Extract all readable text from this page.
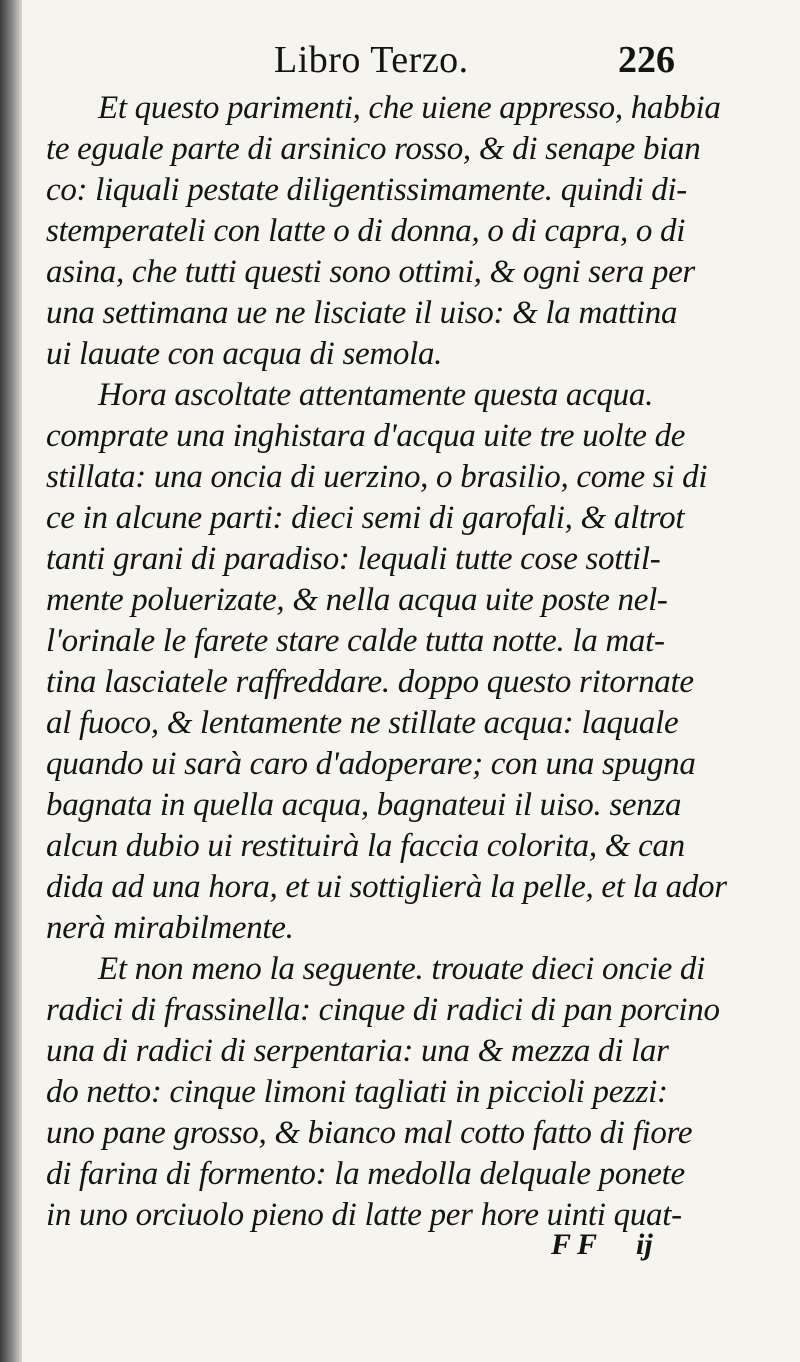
Libro Terzo.	226
Et questo parimenti, che uiene appresso, habbia
te eguale parte di arsinico rosso, & di senape bian
co: liquali pestate diligentissimamente. quindi di-
stemperateli con latte o di donna, o di capra, o di
asina, che tutti questi sono ottimi, & ogni sera per
una settimana ue ne lisciate il uiso: & la mattina
ui lauate con acqua di semola.
Hora ascoltate attentamente questa acqua.
comprate una inghistara d'acqua uite tre uolte de
stillata: una oncia di uerzino, o brasilio, come si di
ce in alcune parti: dieci semi di garofali, & altrot
tanti grani di paradiso: lequali tutte cose sottil-
mente poluerizate, & nella acqua uite poste nel-
l'orinale le farete stare calde tutta notte. la mat-
tina lasciatele raffreddare. doppo questo ritornate
al fuoco, & lentamente ne stillate acqua: laquale
quando ui sarà caro d'adoperare; con una spugna
bagnata in quella acqua, bagnateui il uiso. senza
alcun dubio ui restituirà la faccia colorita, & can
dida ad una hora, et ui sottiglierà la pelle, et la ador
nerà mirabilmente.
Et non meno la seguente. trouate dieci oncie di
radici di frassinella: cinque di radici di pan porcino
una di radici di serpentaria: una & mezza di lar
do netto: cinque limoni tagliati in piccioli pezzi:
uno pane grosso, & bianco mal cotto fatto di fiore
di farina di formento: la medolla delquale ponete
in uno orciuolo pieno di latte per hore uinti quat-
FF ij
